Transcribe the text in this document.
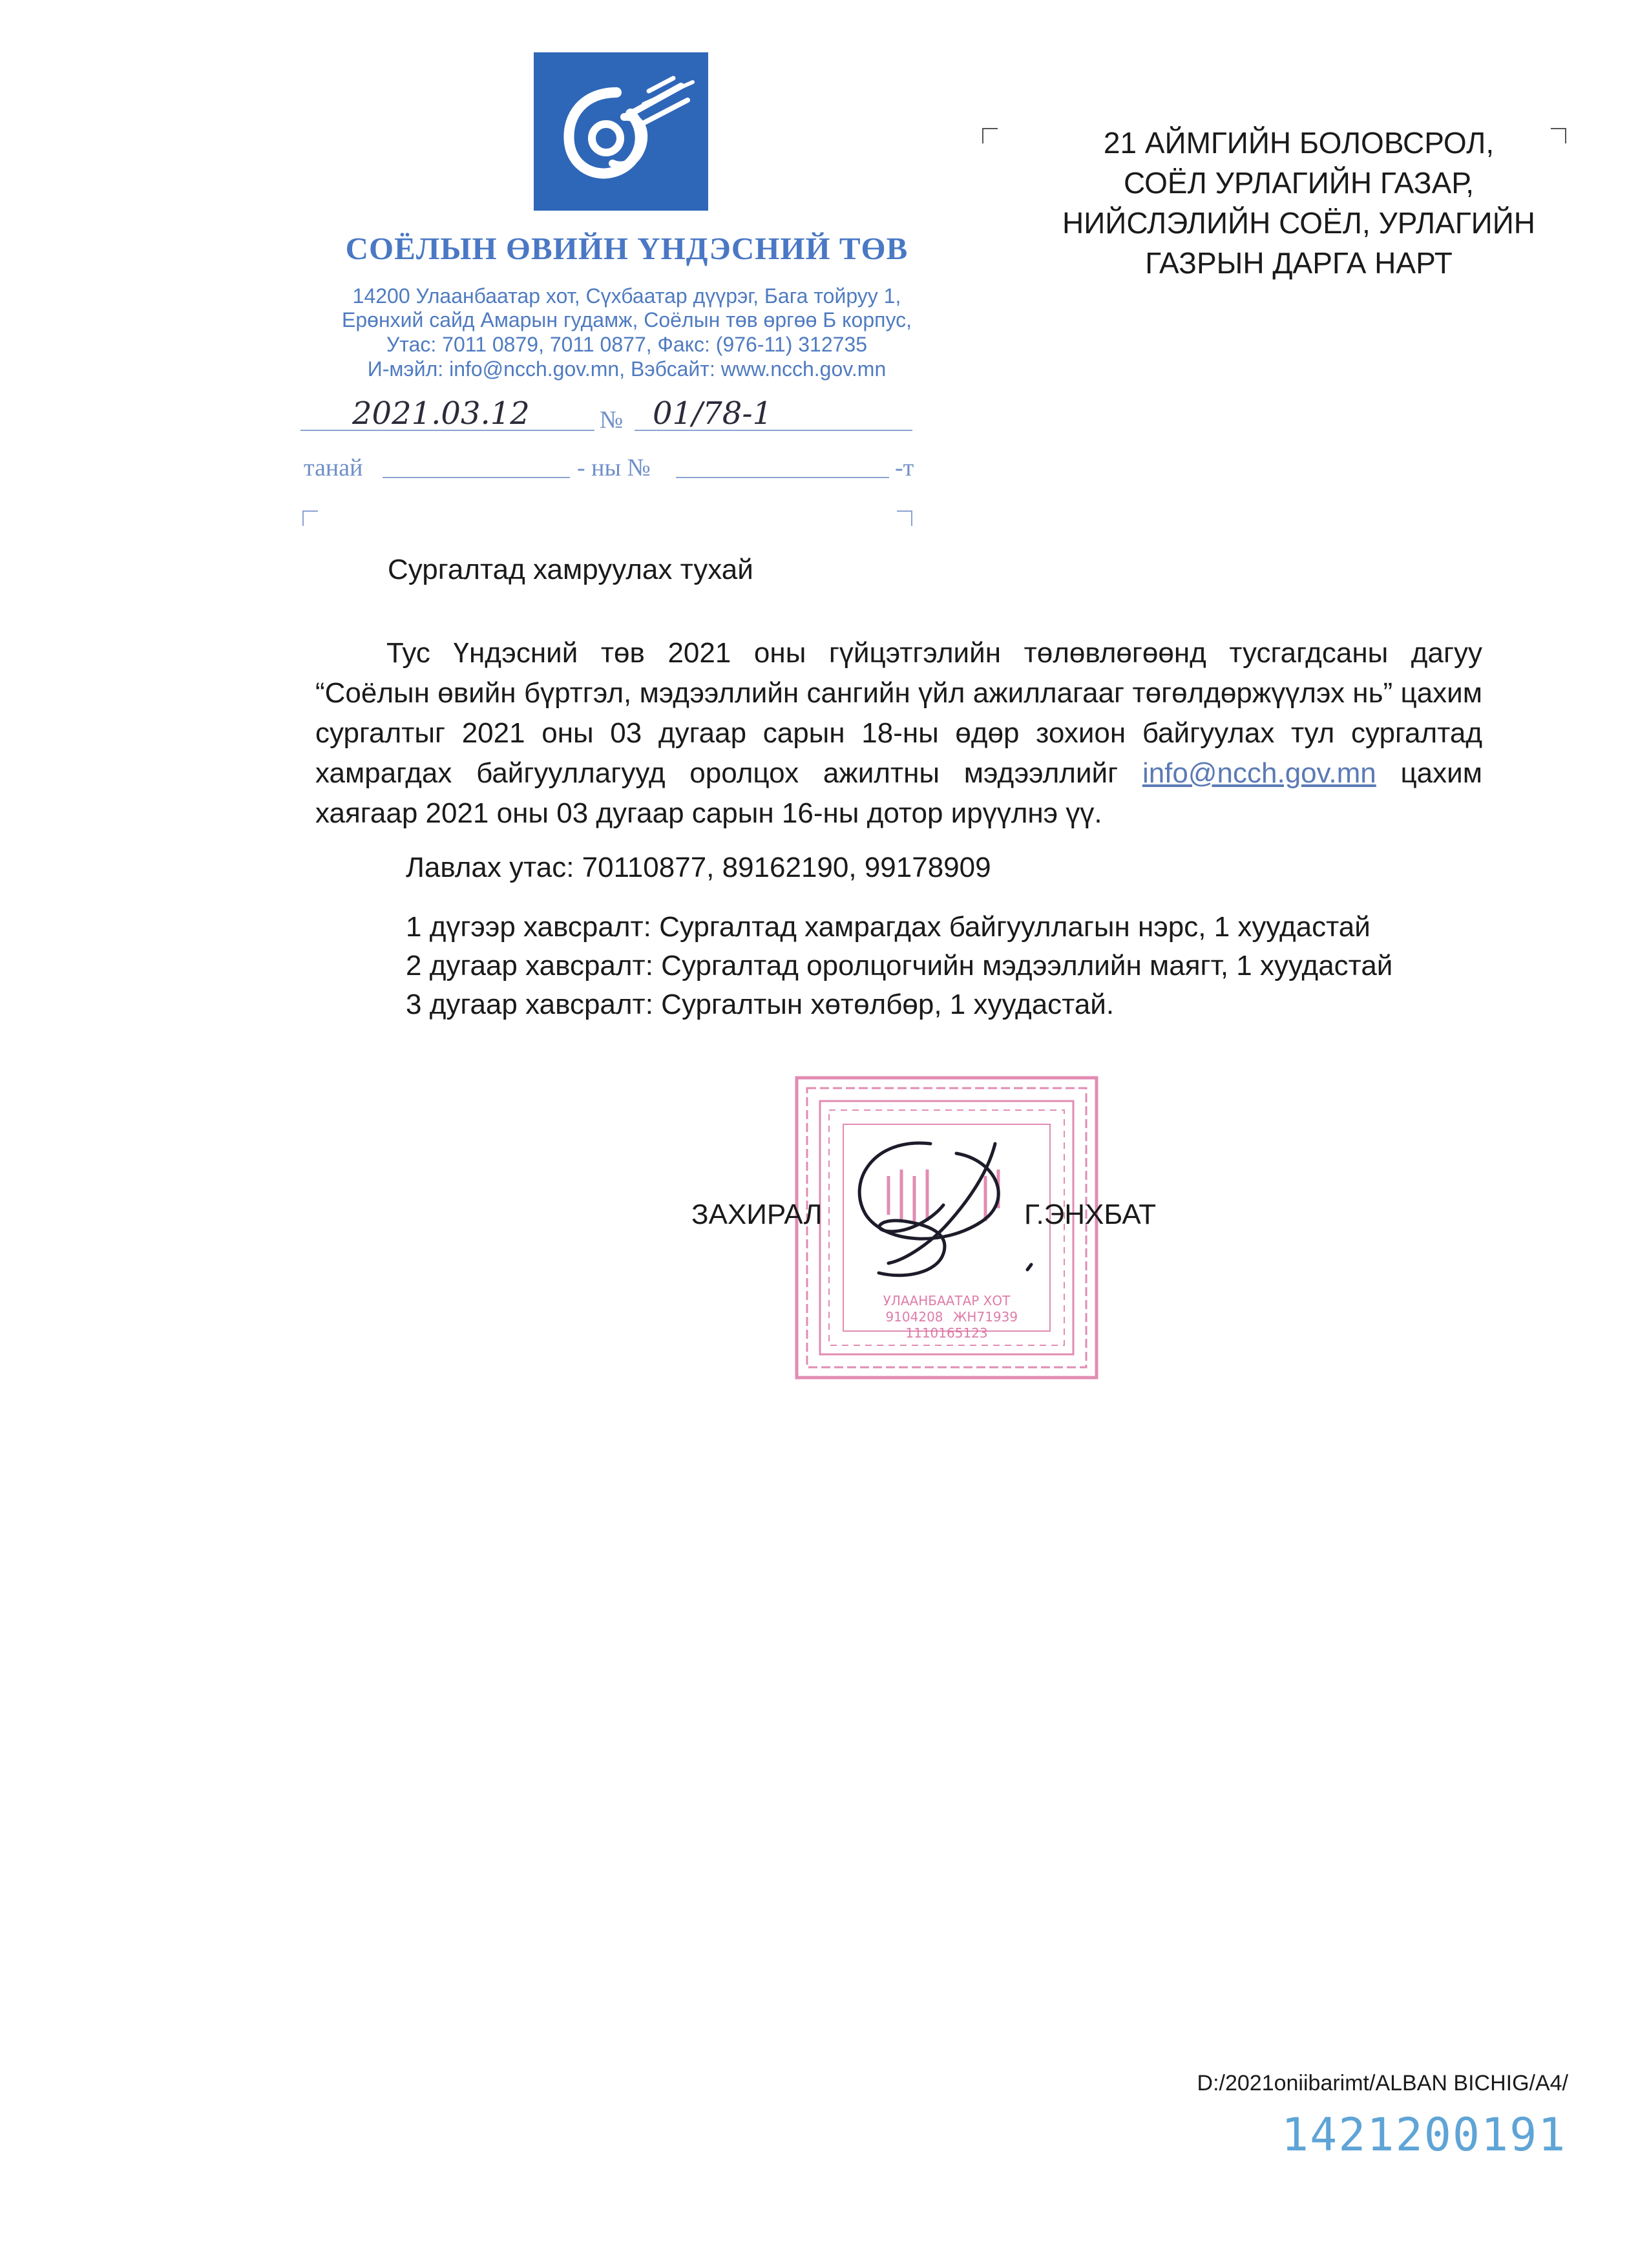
СОЁЛЫН ӨВИЙН ҮНДЭСНИЙ ТӨВ
14200 Улаанбаатар хот, Сүхбаатар дүүрэг, Бага тойруу 1,
Ерөнхий сайд Амарын гудамж, Соёлын төв өргөө Б корпус,
Утас: 7011 0879, 7011 0877, Факс: (976-11) 312735
И-мэйл: info@ncch.gov.mn, Вэбсайт: www.ncch.gov.mn
2021.03.12	№ 01/78-1
танай	- ны №	-т
21 АЙМГИЙН БОЛОВСРОЛ,
СОЁЛ УРЛАГИЙН ГАЗАР,
НИЙСЛЭЛИЙН СОЁЛ, УРЛАГИЙН
ГАЗРЫН ДАРГА НАРТ
Сургалтад хамруулах тухай
Тус Үндэсний төв 2021 оны гүйцэтгэлийн төлөвлөгөөнд тусгагдсаны дагуу “Соёлын өвийн бүртгэл, мэдээллийн сангийн үйл ажиллагааг төгөлдөржүүлэх нь” цахим сургалтыг 2021 оны 03 дугаар сарын 18-ны өдөр зохион байгуулах тул сургалтад хамрагдах байгууллагууд оролцох ажилтны мэдээллийг info@ncch.gov.mn цахим хаягаар 2021 оны 03 дугаар сарын 16-ны дотор ирүүлнэ үү.
Лавлах утас: 70110877, 89162190, 99178909
1 дүгээр хавсралт: Сургалтад хамрагдах байгууллагын нэрс, 1 хуудастай
2 дугаар хавсралт: Сургалтад оролцогчийн мэдээллийн маягт, 1 хуудастай
3 дугаар хавсралт: Сургалтын хөтөлбөр, 1 хуудастай.
УЛААНБААТАР ХОТ
9104208 ЖН71939
1110165123
ЗАХИРАЛ	Г.ЭНХБАТ
D:/2021oniibarimt/ALBAN BICHIG/A4/
1421200191
